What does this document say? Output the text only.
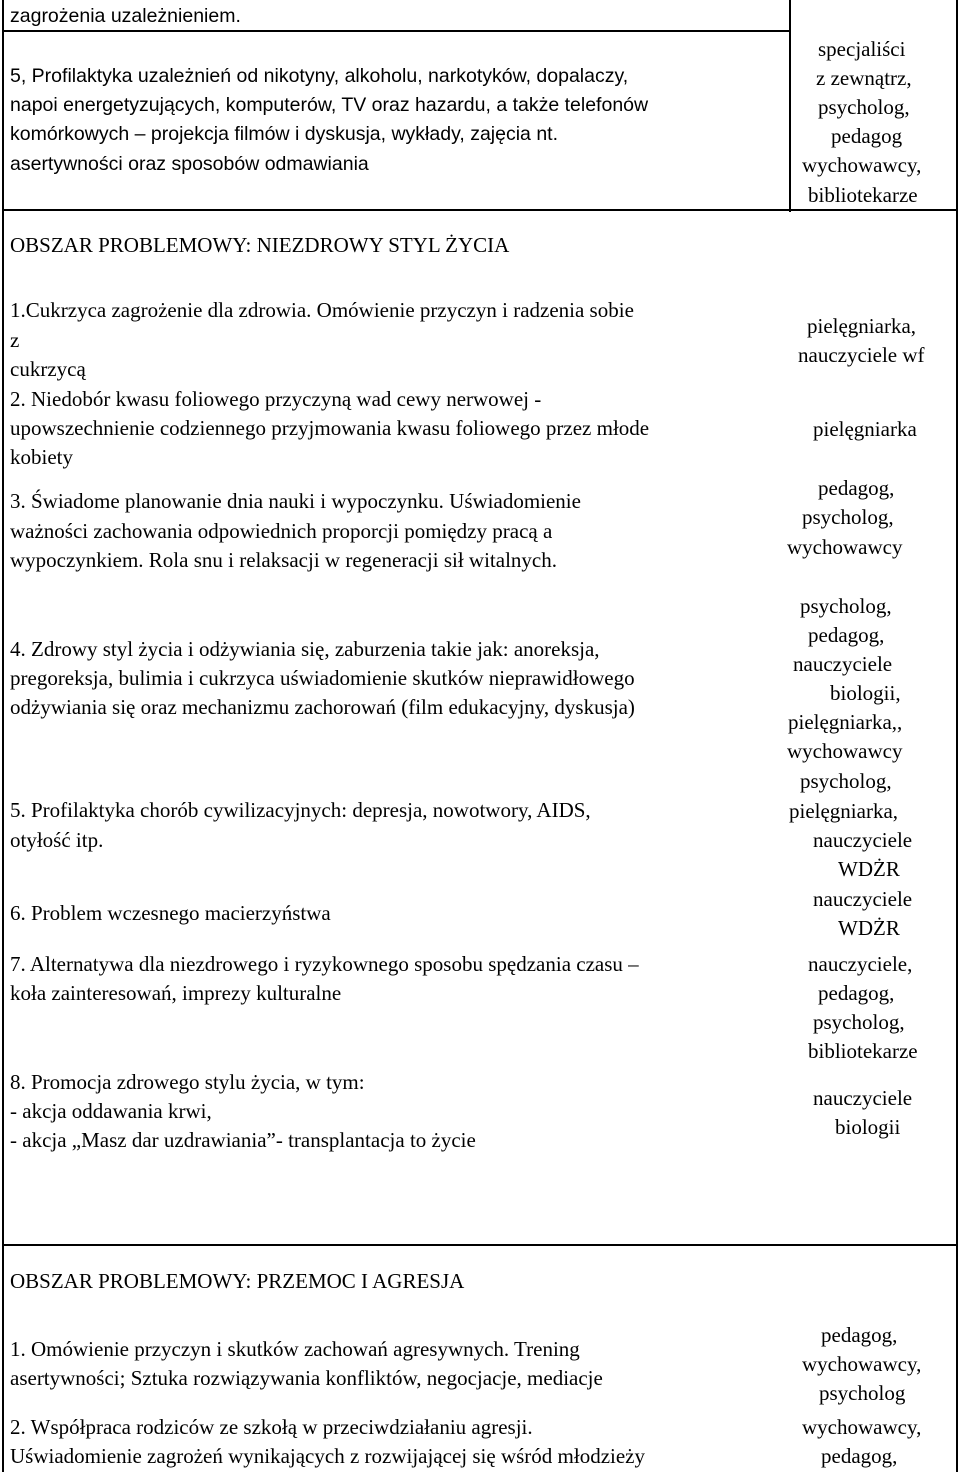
zagrożenia uzależnieniem.
5, Profilaktyka uzależnień od nikotyny, alkoholu, narkotyków, dopalaczy,
napoi energetyzujących, komputerów, TV oraz hazardu, a także telefonów
komórkowych – projekcja filmów i dyskusja, wykłady, zajęcia nt.
asertywności oraz sposobów odmawiania
specjaliści
z zewnątrz,
psycholog,
pedagog
wychowawcy,
bibliotekarze
OBSZAR PROBLEMOWY: NIEZDROWY STYL ŻYCIA
1.Cukrzyca zagrożenie dla zdrowia. Omówienie przyczyn i radzenia sobie
z
cukrzycą
pielęgniarka,
nauczyciele wf
2. Niedobór kwasu foliowego przyczyną wad cewy nerwowej -
upowszechnienie codziennego przyjmowania kwasu foliowego przez młode
kobiety
pielęgniarka
3. Świadome planowanie dnia nauki i wypoczynku. Uświadomienie
ważności zachowania odpowiednich proporcji pomiędzy pracą a
wypoczynkiem. Rola snu i relaksacji w regeneracji sił witalnych.
pedagog,
psycholog,
wychowawcy
4. Zdrowy styl życia i odżywiania się, zaburzenia takie jak: anoreksja,
pregoreksja, bulimia i cukrzyca uświadomienie skutków nieprawidłowego
odżywiania się oraz mechanizmu zachorowań (film edukacyjny, dyskusja)
psycholog,
pedagog,
nauczyciele
biologii,
pielęgniarka,,
wychowawcy
5. Profilaktyka chorób cywilizacyjnych: depresja, nowotwory, AIDS,
otyłość itp.
psycholog,
pielęgniarka,
nauczyciele
WDŻR
6. Problem wczesnego macierzyństwa
nauczyciele
WDŻR
7. Alternatywa dla niezdrowego i ryzykownego sposobu spędzania czasu –
koła zainteresowań, imprezy kulturalne
nauczyciele,
pedagog,
psycholog,
bibliotekarze
8. Promocja zdrowego stylu życia, w tym:
- akcja oddawania krwi,
- akcja „Masz dar uzdrawiania”- transplantacja to życie
nauczyciele
biologii
OBSZAR PROBLEMOWY: PRZEMOC I AGRESJA
1. Omówienie przyczyn i skutków zachowań agresywnych. Trening
asertywności; Sztuka rozwiązywania konfliktów, negocjacje, mediacje
pedagog,
wychowawcy,
psycholog
2. Współpraca rodziców ze szkołą w przeciwdziałaniu agresji.
Uświadomienie zagrożeń wynikających z rozwijającej się wśród młodzieży
wychowawcy,
pedagog,
